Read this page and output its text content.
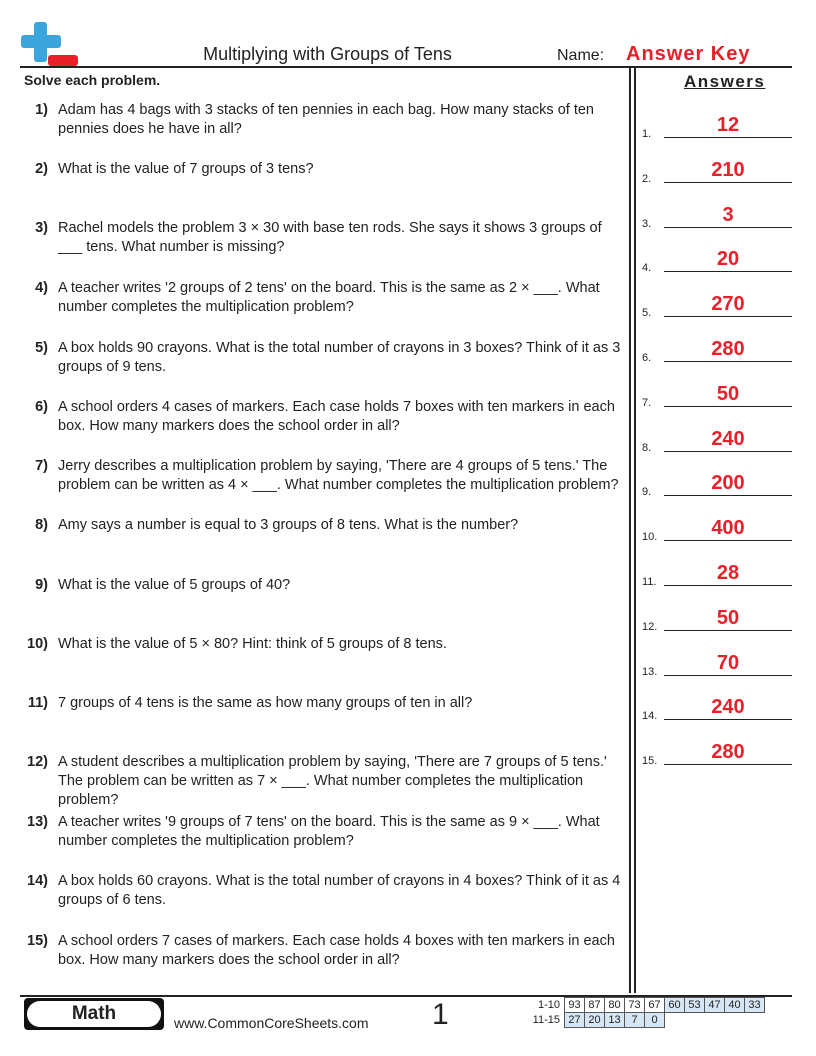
Multiplying with Groups of Tens	Name: Answer Key
Solve each problem.	Answers
1) Adam has 4 bags with 3 stacks of ten pennies in each bag. How many stacks of ten pennies does he have in all?
2) What is the value of 7 groups of 3 tens?
3) Rachel models the problem 3 × 30 with base ten rods. She says it shows 3 groups of ___ tens. What number is missing?
4) A teacher writes '2 groups of 2 tens' on the board. This is the same as 2 × ___. What number completes the multiplication problem?
5) A box holds 90 crayons. What is the total number of crayons in 3 boxes? Think of it as 3 groups of 9 tens.
6) A school orders 4 cases of markers. Each case holds 7 boxes with ten markers in each box. How many markers does the school order in all?
7) Jerry describes a multiplication problem by saying, 'There are 4 groups of 5 tens.' The problem can be written as 4 × ___. What number completes the multiplication problem?
8) Amy says a number is equal to 3 groups of 8 tens. What is the number?
9) What is the value of 5 groups of 40?
10) What is the value of 5 × 80? Hint: think of 5 groups of 8 tens.
11) 7 groups of 4 tens is the same as how many groups of ten in all?
12) A student describes a multiplication problem by saying, 'There are 7 groups of 5 tens.' The problem can be written as 7 × ___. What number completes the multiplication problem?
13) A teacher writes '9 groups of 7 tens' on the board. This is the same as 9 × ___. What number completes the multiplication problem?
14) A box holds 60 crayons. What is the total number of crayons in 4 boxes? Think of it as 4 groups of 6 tens.
15) A school orders 7 cases of markers. Each case holds 4 boxes with ten markers in each box. How many markers does the school order in all?
1.	12
2.	210
3.	3
4.	20
5.	270
6.	280
7.	50
8.	240
9.	200
10.	400
11.	28
12.	50
13.	70
14.	240
15.	280
Math	www.CommonCoreSheets.com 1	1-10	93	87	80	73	67	60	53	47	40	33
11-15	27	20	13	7	0					
